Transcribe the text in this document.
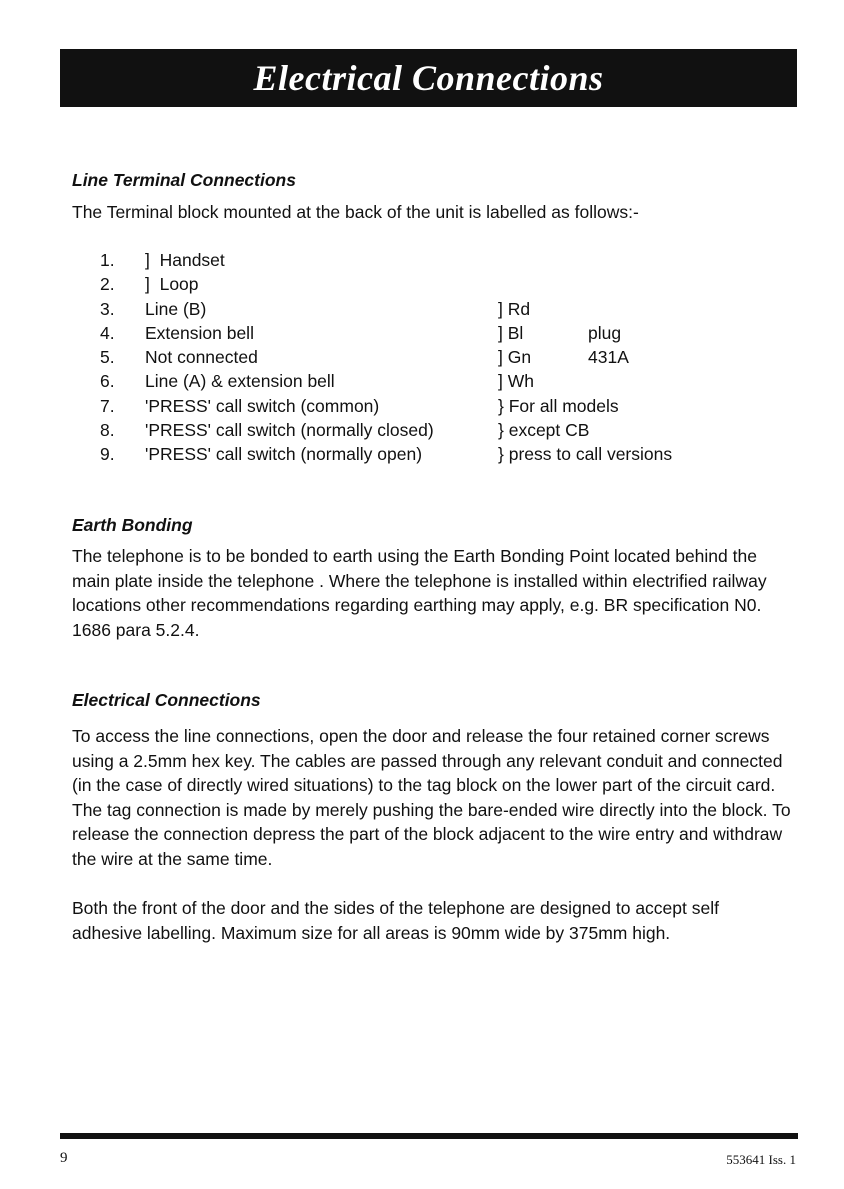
Electrical Connections
Line Terminal Connections

The Terminal block mounted at the back of the unit is labelled as follows:-

1. ]  Handset
2. ]  Loop
3. Line (B)	] Rd
4. Extension bell	] Bl	plug
5. Not connected	] Gn	431A
6. Line (A) & extension bell	] Wh
7. 'PRESS' call switch (common)	} For all models
8. 'PRESS' call switch (normally closed)	} except CB
9. 'PRESS' call switch (normally open)	} press to call versions
Earth Bonding

The telephone is to be bonded to earth using the Earth Bonding Point located behind the main plate inside the telephone . Where the telephone is installed within electrified railway locations other recommendations regarding earthing may apply, e.g. BR specification N0. 1686 para 5.2.4.

Electrical Connections

To access the line connections, open the door and release the four retained corner screws using a 2.5mm hex key. The cables are passed through any relevant conduit and connected (in the case of directly wired situations) to the tag block on the lower part of the circuit card. The tag connection is made by merely pushing the bare-ended wire directly into the block. To release the connection depress the part of the block adjacent to the wire entry and withdraw the wire at the same time.

Both the front of the door and the sides of the telephone are designed to accept self adhesive labelling. Maximum size for all areas is 90mm wide by 375mm high.

9	553641 Iss. 1
